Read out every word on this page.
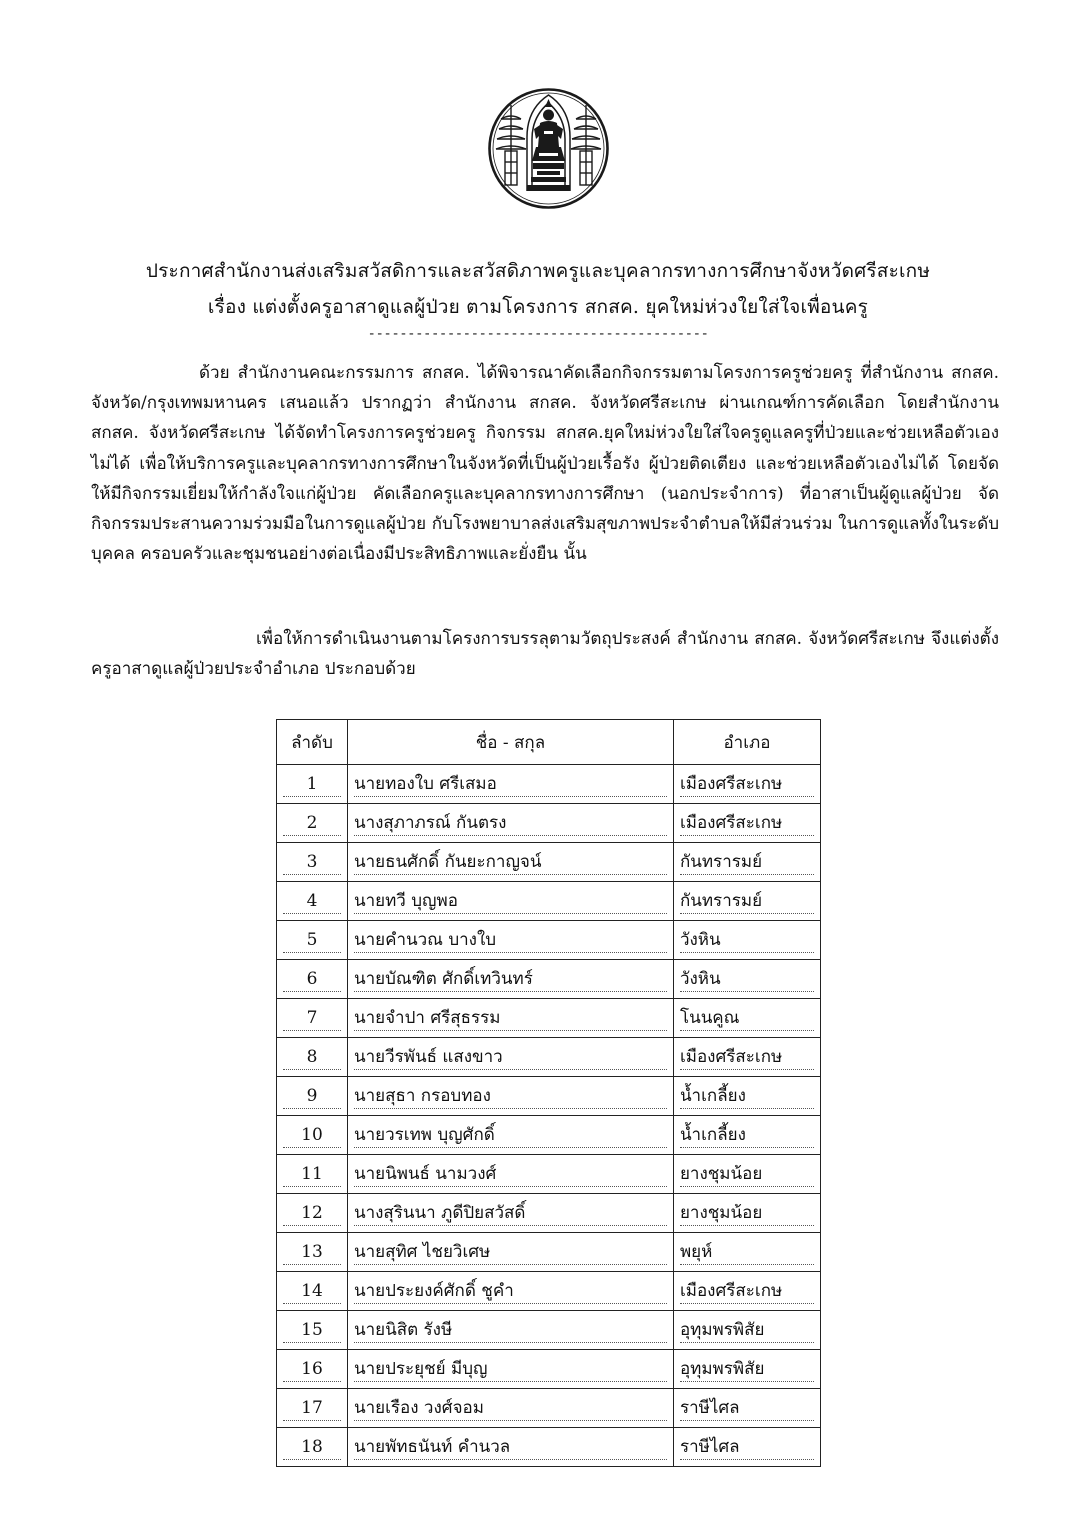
ประกาศสำนักงานส่งเสริมสวัสดิการและสวัสดิภาพครูและบุคลากรทางการศึกษาจังหวัดศรีสะเกษ
เรื่อง แต่งตั้งครูอาสาดูแลผู้ป่วย ตามโครงการ สกสค. ยุคใหม่ห่วงใยใส่ใจเพื่อนครู
-------------------------------------------
ด้วย สำนักงานคณะกรรมการ สกสค. ได้พิจารณาคัดเลือกกิจกรรมตามโครงการครูช่วยครู ที่สำนักงาน สกสค. จังหวัด/กรุงเทพมหานคร เสนอแล้ว ปรากฏว่า สำนักงาน สกสค. จังหวัดศรีสะเกษ ผ่านเกณฑ์การคัดเลือก โดยสำนักงาน สกสค. จังหวัดศรีสะเกษ ได้จัดทำโครงการครูช่วยครู กิจกรรม สกสค.ยุคใหม่ห่วงใยใส่ใจครูดูแลครูที่ป่วยและช่วยเหลือตัวเองไม่ได้ เพื่อให้บริการครูและบุคลากรทางการศึกษาในจังหวัดที่เป็นผู้ป่วยเรื้อรัง ผู้ป่วยติดเตียง และช่วยเหลือตัวเองไม่ได้ โดยจัดให้มีกิจกรรมเยี่ยมให้กำลังใจแก่ผู้ป่วย คัดเลือกครูและบุคลากรทางการศึกษา (นอกประจำการ) ที่อาสาเป็นผู้ดูแลผู้ป่วย จัดกิจกรรมประสานความร่วมมือในการดูแลผู้ป่วย กับโรงพยาบาลส่งเสริมสุขภาพประจำตำบลให้มีส่วนร่วม ในการดูแลทั้งในระดับบุคคล ครอบครัวและชุมชนอย่างต่อเนื่องมีประสิทธิภาพและยั่งยืน นั้น
เพื่อให้การดำเนินงานตามโครงการบรรลุตามวัตถุประสงค์ สำนักงาน สกสค. จังหวัดศรีสะเกษ จึงแต่งตั้งครูอาสาดูแลผู้ป่วยประจำอำเภอ ประกอบด้วย
ลำดับ	ชื่อ - สกุล	อำเภอ

1	นายทองใบ ศรีเสมอ	เมืองศรีสะเกษ

2	นางสุภาภรณ์ กันตรง	เมืองศรีสะเกษ

3	นายธนศักดิ์ กันยะกาญจน์	กันทรารมย์

4	นายทวี บุญพอ	กันทรารมย์

5	นายคำนวณ บางใบ	วังหิน

6	นายบัณฑิต ศักดิ์เทวินทร์	วังหิน

7	นายจำปา ศรีสุธรรม	โนนคูณ

8	นายวีรพันธ์ แสงขาว	เมืองศรีสะเกษ

9	นายสุธา กรอบทอง	น้ำเกลี้ยง

10	นายวรเทพ บุญศักดิ์	น้ำเกลี้ยง

11	นายนิพนธ์ นามวงศ์	ยางชุมน้อย

12	นางสุรินนา ภูดีปิยสวัสดิ์	ยางชุมน้อย

13	นายสุทิศ ไชยวิเศษ	พยุห์

14	นายประยงค์ศักดิ์ ชูคำ	เมืองศรีสะเกษ

15	นายนิสิต รังษี	อุทุมพรพิสัย

16	นายประยุชย์ มีบุญ	อุทุมพรพิสัย

17	นายเรือง วงศ์จอม	ราษีไศล

18	นายพัทธนันท์ คำนวล	ราษีไศล
